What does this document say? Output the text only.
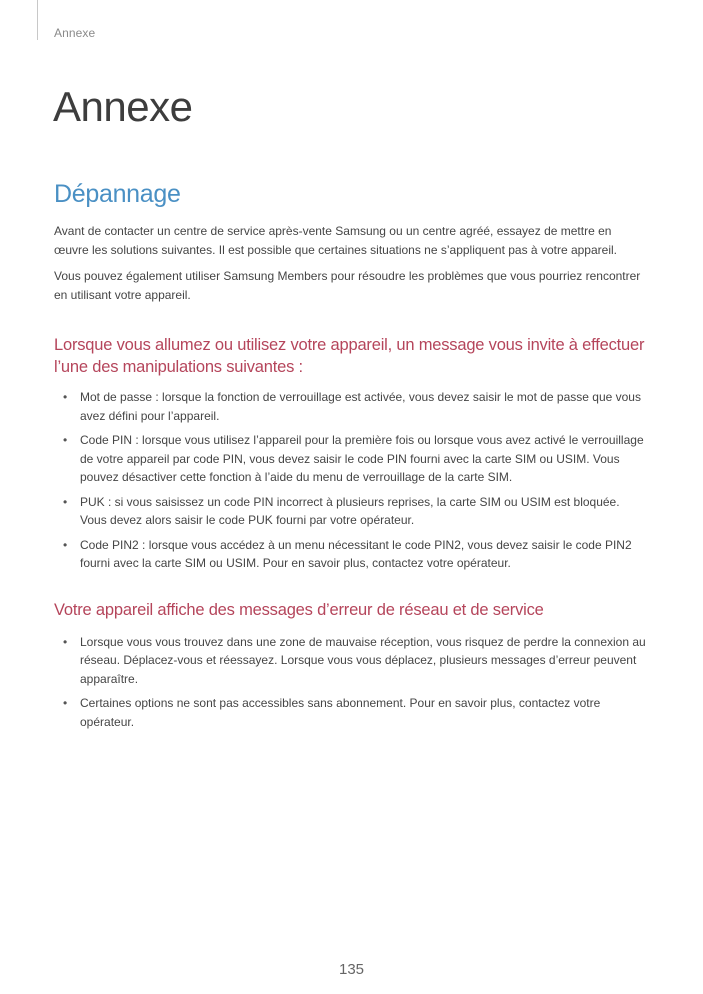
Annexe
Annexe
Dépannage

Avant de contacter un centre de service après-vente Samsung ou un centre agréé, essayez de mettre en œuvre les solutions suivantes. Il est possible que certaines situations ne s’appliquent pas à votre appareil.

Vous pouvez également utiliser Samsung Members pour résoudre les problèmes que vous pourriez rencontrer en utilisant votre appareil.

Lorsque vous allumez ou utilisez votre appareil, un message vous invite à effectuer l’une des manipulations suivantes :
• Mot de passe : lorsque la fonction de verrouillage est activée, vous devez saisir le mot de passe que vous avez défini pour l’appareil.
• Code PIN : lorsque vous utilisez l’appareil pour la première fois ou lorsque vous avez activé le verrouillage de votre appareil par code PIN, vous devez saisir le code PIN fourni avec la carte SIM ou USIM. Vous pouvez désactiver cette fonction à l’aide du menu de verrouillage de la carte SIM.
• PUK : si vous saisissez un code PIN incorrect à plusieurs reprises, la carte SIM ou USIM est bloquée. Vous devez alors saisir le code PUK fourni par votre opérateur.
• Code PIN2 : lorsque vous accédez à un menu nécessitant le code PIN2, vous devez saisir le code PIN2 fourni avec la carte SIM ou USIM. Pour en savoir plus, contactez votre opérateur.
Votre appareil affiche des messages d’erreur de réseau et de service
• Lorsque vous vous trouvez dans une zone de mauvaise réception, vous risquez de perdre la connexion au réseau. Déplacez-vous et réessayez. Lorsque vous vous déplacez, plusieurs messages d’erreur peuvent apparaître.
• Certaines options ne sont pas accessibles sans abonnement. Pour en savoir plus, contactez votre opérateur.
135
